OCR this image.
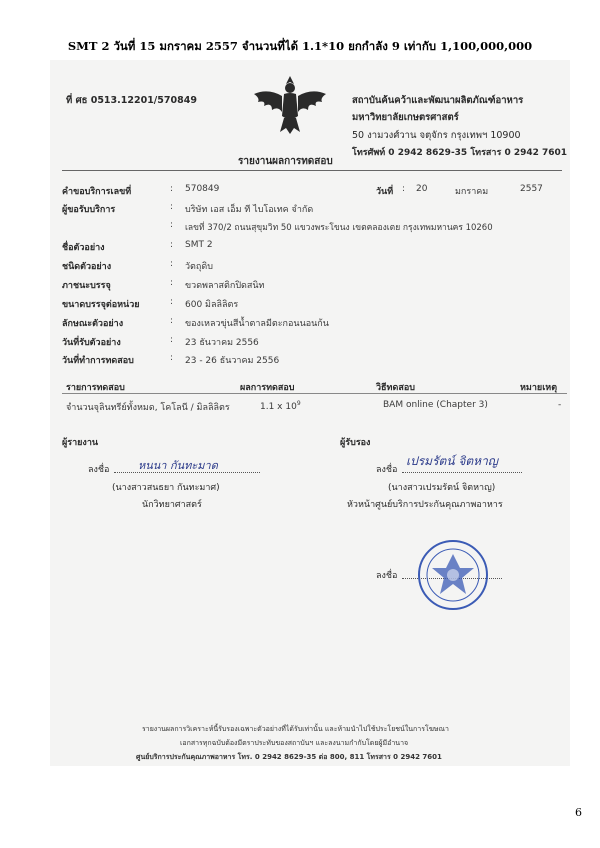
SMT 2 วันที่ 15 มกราคม 2557 จำนวนที่ได้ 1.1*10 ยกกำลัง 9 เท่ากับ 1,100,000,000
ที่ ศธ 0513.12201/570849
รายงานผลการทดสอบ
สถาบันค้นคว้าและพัฒนาผลิตภัณฑ์อาหาร
มหาวิทยาลัยเกษตรศาสตร์
50 งามวงศ์วาน จตุจักร กรุงเทพฯ 10900
โทรศัพท์ 0 2942 8629-35 โทรสาร 0 2942 7601
คำขอบริการเลขที่	: 570849	วันที่ : 20	มกราคม	2557
ผู้ขอรับบริการ	: บริษัท เอส เอ็ม ที ไบโอเทค จำกัด
: เลขที่ 370/2 ถนนสุขุมวิท 50 แขวงพระโขนง เขตคลองเตย กรุงเทพมหานคร 10260
ชื่อตัวอย่าง	: SMT 2
ชนิดตัวอย่าง	: วัตถุดิบ
ภาชนะบรรจุ	: ขวดพลาสติกปิดสนิท
ขนาดบรรจุต่อหน่วย	: 600 มิลลิลิตร
ลักษณะตัวอย่าง	: ของเหลวขุ่นสีน้ำตาลมีตะกอนนอนก้น
วันที่รับตัวอย่าง	: 23 ธันวาคม 2556
วันที่ทำการทดสอบ	: 23 - 26 ธันวาคม 2556
รายการทดสอบ	ผลการทดสอบ	วิธีทดสอบ	หมายเหตุ
จำนวนจุลินทรีย์ทั้งหมด, โคโลนี / มิลลิลิตร	1.1 x $10^9$	BAM online (Chapter 3)	-
ผู้รายงาน
ลงชื่อ	หนนา กันทะมาด
(นางสาวสนธยา กันทะมาศ)
นักวิทยาศาสตร์
ผู้รับรอง
ลงชื่อ
เปรมรัตน์ จิตหาญ
(นางสาวเปรมรัตน์ จิตหาญ)
หัวหน้าศูนย์บริการประกันคุณภาพอาหาร
ลงชื่อ
รายงานผลการวิเคราะห์นี้รับรองเฉพาะตัวอย่างที่ได้รับเท่านั้น และห้ามนำไปใช้ประโยชน์ในการโฆษณา
เอกสารทุกฉบับต้องมีตราประทับของสถาบันฯ และลงนามกำกับโดยผู้มีอำนาจ
ศูนย์บริการประกันคุณภาพอาหาร โทร. 0 2942 8629-35 ต่อ 800, 811 โทรสาร 0 2942 7601
6
